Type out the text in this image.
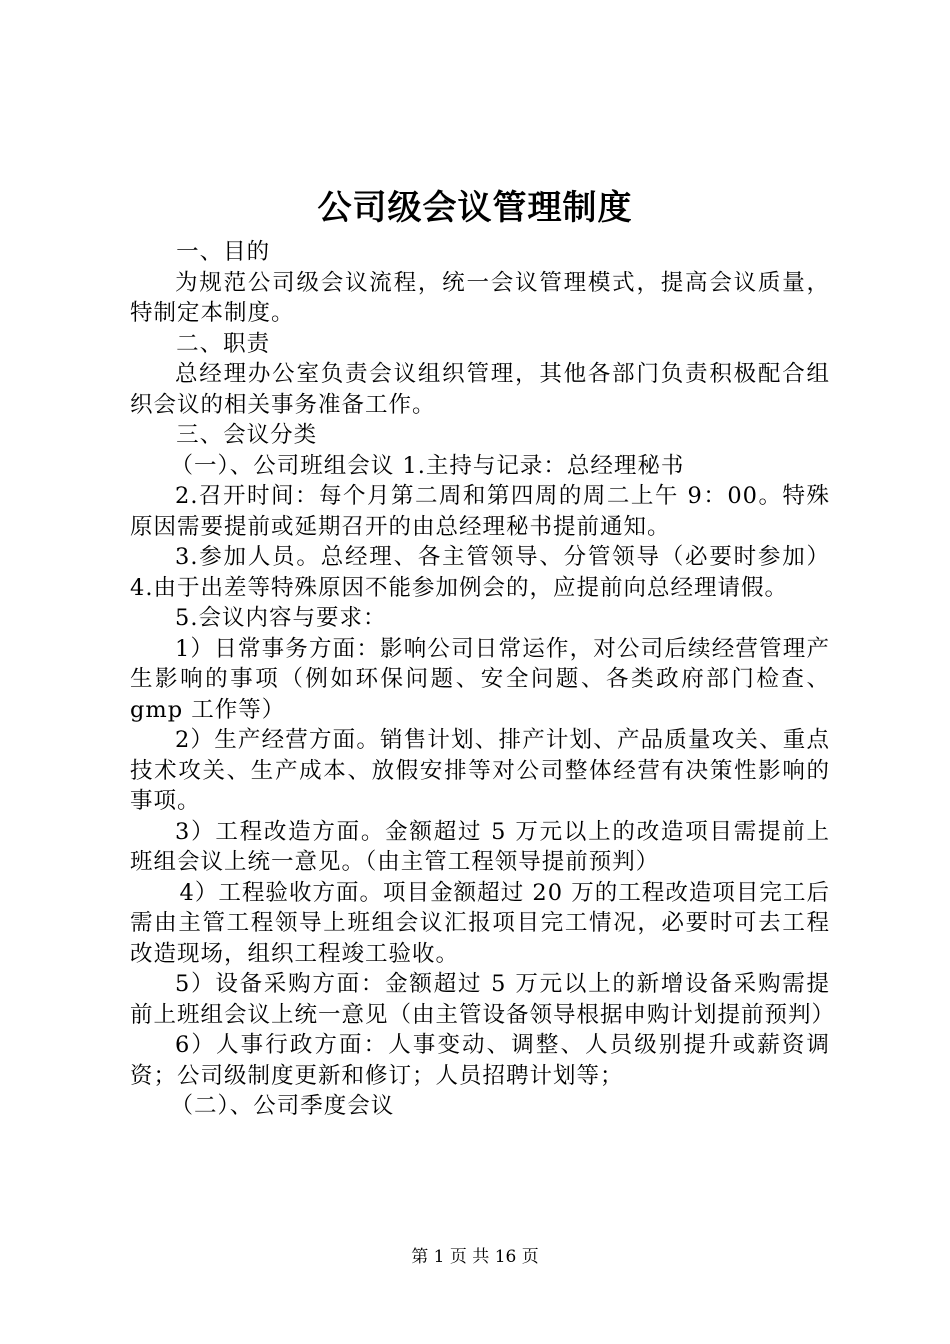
公司级会议管理制度

一、目的

为规范公司级会议流程，统一会议管理模式，提高会议质量，特制定本制度。

二、职责

总经理办公室负责会议组织管理，其他各部门负责积极配合组织会议的相关事务准备工作。

三、会议分类

（一）、公司班组会议 1.主持与记录：总经理秘书

2.召开时间：每个月第二周和第四周的周二上午 9：00。特殊原因需要提前或延期召开的由总经理秘书提前通知。

3.参加人员。总经理、各主管领导、分管领导（必要时参加）4.由于出差等特殊原因不能参加例会的，应提前向总经理请假。

5.会议内容与要求：

1）日常事务方面：影响公司日常运作，对公司后续经营管理产生影响的事项（例如环保问题、安全问题、各类政府部门检查、gmp 工作等）

2）生产经营方面。销售计划、排产计划、产品质量攻关、重点技术攻关、生产成本、放假安排等对公司整体经营有决策性影响的事项。

3）工程改造方面。金额超过 5 万元以上的改造项目需提前上班组会议上统一意见。（由主管工程领导提前预判）

4）工程验收方面。项目金额超过 20 万的工程改造项目完工后需由主管工程领导上班组会议汇报项目完工情况，必要时可去工程改造现场，组织工程竣工验收。

5）设备采购方面：金额超过 5 万元以上的新增设备采购需提前上班组会议上统一意见（由主管设备领导根据申购计划提前预判）

6）人事行政方面：人事变动、调整、人员级别提升或薪资调资；公司级制度更新和修订；人员招聘计划等；

（二）、公司季度会议

第 1 页 共 16 页
